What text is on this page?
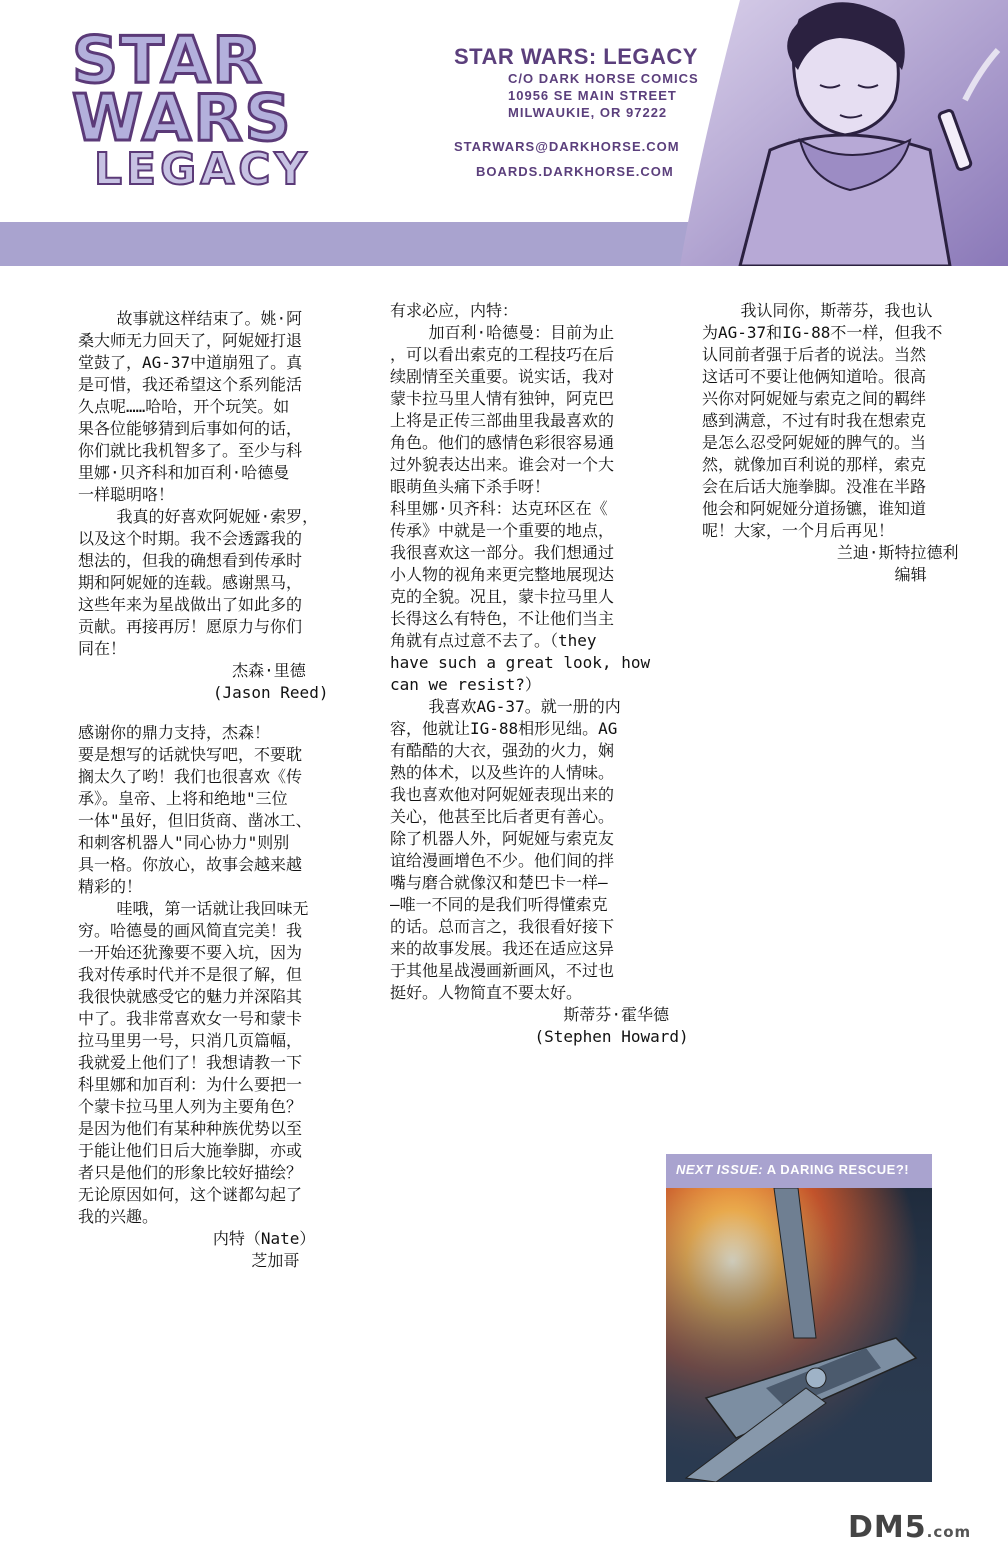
STAR
WARS
LEGACY
STAR WARS: LEGACY
C/O DARK HORSE COMICS
10956 SE MAIN STREET
MILWAUKIE, OR 97222
STARWARS@DARKHORSE.COM
BOARDS.DARKHORSE.COM
故事就这样结束了。姚·阿
桑大师无力回天了，阿妮娅打退
堂鼓了，AG-37中道崩殂了。真
是可惜，我还希望这个系列能活
久点呢……哈哈，开个玩笑。如
果各位能够猜到后事如何的话，
你们就比我机智多了。至少与科
里娜·贝齐科和加百利·哈德曼
一样聪明咯！
我真的好喜欢阿妮娅·索罗，
以及这个时期。我不会透露我的
想法的，但我的确想看到传承时
期和阿妮娅的连载。感谢黑马，
这些年来为星战做出了如此多的
贡献。再接再厉！愿原力与你们
同在！
杰森·里德
(Jason Reed)
感谢你的鼎力支持，杰森！
要是想写的话就快写吧，不要耽
搁太久了哟！我们也很喜欢《传
承》。皇帝、上将和绝地"三位
一体"虽好，但旧货商、凿冰工、
和刺客机器人"同心协力"则别
具一格。你放心，故事会越来越
精彩的！
哇哦，第一话就让我回味无
穷。哈德曼的画风简直完美！我
一开始还犹豫要不要入坑，因为
我对传承时代并不是很了解，但
我很快就感受它的魅力并深陷其
中了。我非常喜欢女一号和蒙卡
拉马里男一号，只消几页篇幅，
我就爱上他们了！我想请教一下
科里娜和加百利：为什么要把一
个蒙卡拉马里人列为主要角色？
是因为他们有某种种族优势以至
于能让他们日后大施拳脚，亦或
者只是他们的形象比较好描绘？
无论原因如何，这个谜都勾起了
我的兴趣。
内特（Nate）
芝加哥
有求必应，内特：
加百利·哈德曼：目前为止
，可以看出索克的工程技巧在后
续剧情至关重要。说实话，我对
蒙卡拉马里人情有独钟，阿克巴
上将是正传三部曲里我最喜欢的
角色。他们的感情色彩很容易通
过外貌表达出来。谁会对一个大
眼萌鱼头痛下杀手呀！
科里娜·贝齐科：达克环区在《
传承》中就是一个重要的地点，
我很喜欢这一部分。我们想通过
小人物的视角来更完整地展现达
克的全貌。况且，蒙卡拉马里人
长得这么有特色，不让他们当主
角就有点过意不去了。（they
have such a great look, how
can we resist?）
我喜欢AG-37。就一册的内
容，他就让IG-88相形见绌。AG
有酷酷的大衣，强劲的火力，娴
熟的体术，以及些许的人情味。
我也喜欢他对阿妮娅表现出来的
关心，他甚至比后者更有善心。
除了机器人外，阿妮娅与索克友
谊给漫画增色不少。他们间的拌
嘴与磨合就像汉和楚巴卡一样—
—唯一不同的是我们听得懂索克
的话。总而言之，我很看好接下
来的故事发展。我还在适应这异
于其他星战漫画新画风，不过也
挺好。人物简直不要太好。
斯蒂芬·霍华德
(Stephen Howard)
我认同你，斯蒂芬，我也认
为AG-37和IG-88不一样，但我不
认同前者强于后者的说法。当然
这话可不要让他俩知道哈。很高
兴你对阿妮娅与索克之间的羁绊
感到满意，不过有时我在想索克
是怎么忍受阿妮娅的脾气的。当
然，就像加百利说的那样，索克
会在后话大施拳脚。没准在半路
他会和阿妮娅分道扬镳，谁知道
呢！大家，一个月后再见！
兰迪·斯特拉德利
编辑
NEXT ISSUE: A DARING RESCUE?!
DM5.com
